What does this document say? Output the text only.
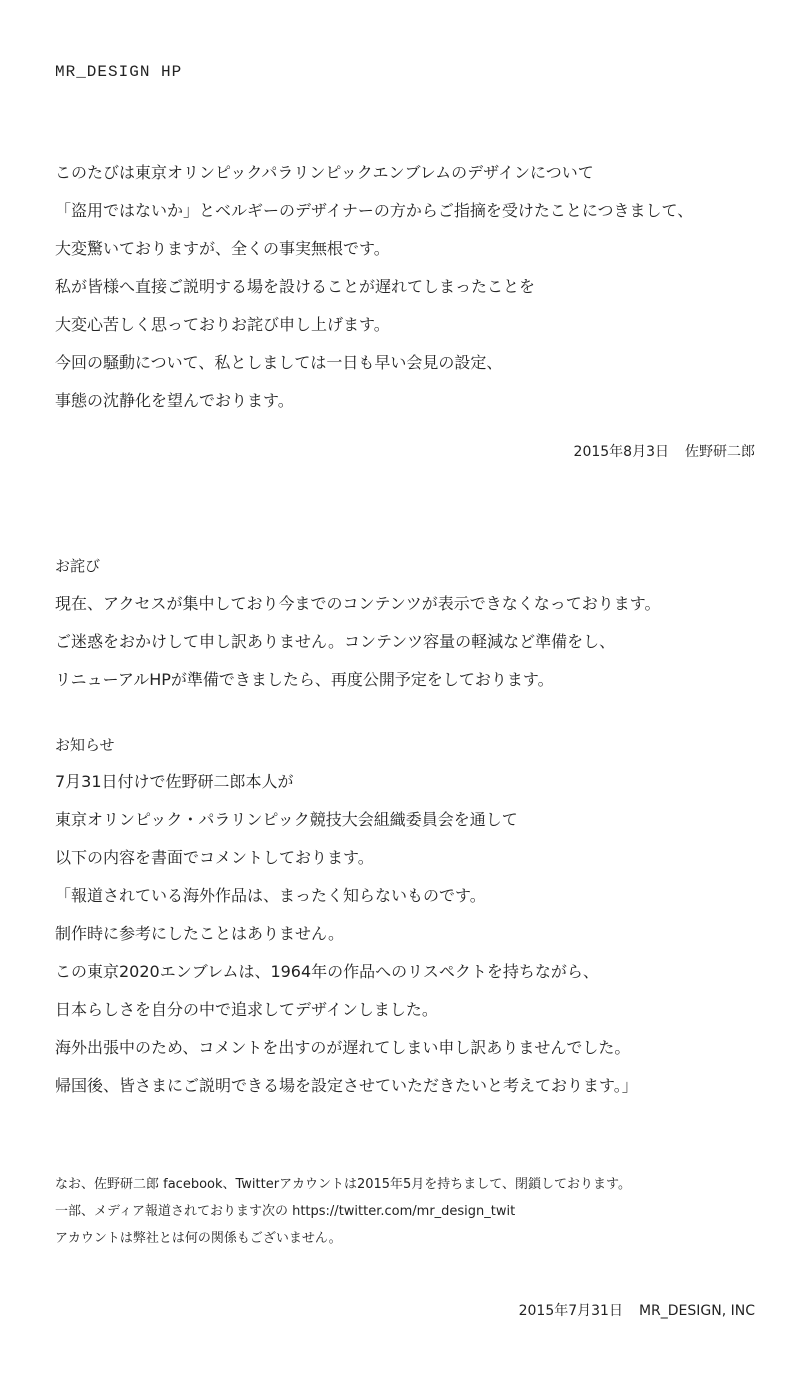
MR_DESIGN HP
このたびは東京オリンピックパラリンピックエンブレムのデザインについて
「盗用ではないか」とベルギーのデザイナーの方からご指摘を受けたことにつきまして、
大変驚いておりますが、全くの事実無根です。
私が皆様へ直接ご説明する場を設けることが遅れてしまったことを
大変心苦しく思っておりお詫び申し上げます。
今回の騒動について、私としましては一日も早い会見の設定、
事態の沈静化を望んでおります。
2015年8月3日 佐野研二郎
お詫び
現在、アクセスが集中しており今までのコンテンツが表示できなくなっております。
ご迷惑をおかけして申し訳ありません。コンテンツ容量の軽減など準備をし、
リニューアルHPが準備できましたら、再度公開予定をしております。
お知らせ
7月31日付けで佐野研二郎本人が
東京オリンピック・パラリンピック競技大会組織委員会を通して
以下の内容を書面でコメントしております。
「報道されている海外作品は、まったく知らないものです。
制作時に参考にしたことはありません。
この東京2020エンブレムは、1964年の作品へのリスペクトを持ちながら、
日本らしさを自分の中で追求してデザインしました。
海外出張中のため、コメントを出すのが遅れてしまい申し訳ありませんでした。
帰国後、皆さまにご説明できる場を設定させていただきたいと考えております。」
なお、佐野研二郎 facebook、Twitterアカウントは2015年5月を持ちまして、閉鎖しております。
一部、メディア報道されております次の https://twitter.com/mr_design_twit
アカウントは弊社とは何の関係もございません。
2015年7月31日 MR_DESIGN, INC
